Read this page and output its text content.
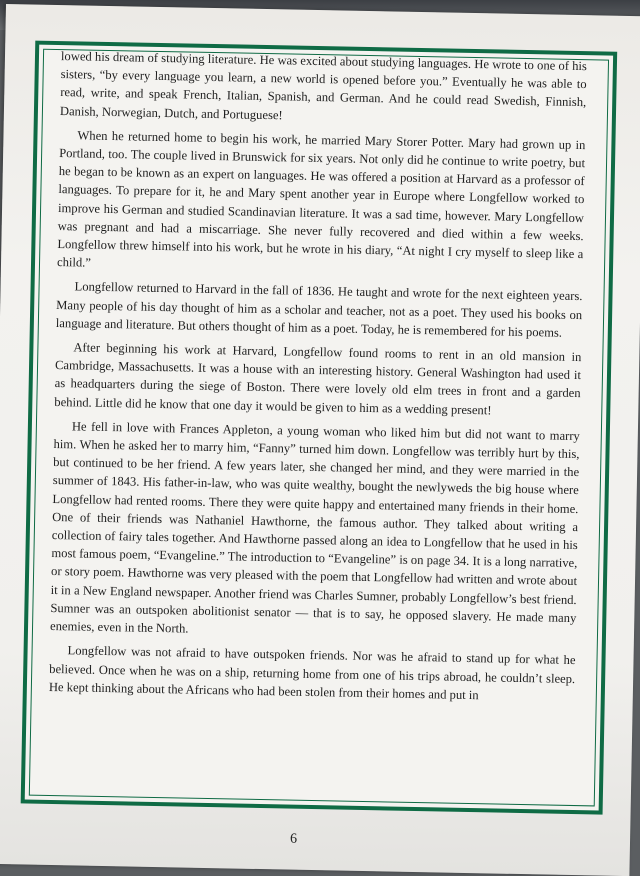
lowed his dream of studying literature. He was excited about studying languages. He wrote to one of his sisters, “by every language you learn, a new world is opened before you.” Eventually he was able to read, write, and speak French, Italian, Spanish, and German. And he could read Swedish, Finnish, Danish, Norwegian, Dutch, and Portuguese!

When he returned home to begin his work, he married Mary Storer Potter. Mary had grown up in Portland, too. The couple lived in Brunswick for six years. Not only did he continue to write poetry, but he began to be known as an expert on languages. He was offered a position at Harvard as a professor of languages. To prepare for it, he and Mary spent another year in Europe where Longfellow worked to improve his German and studied Scandinavian literature. It was a sad time, however. Mary Longfellow was pregnant and had a miscarriage. She never fully recovered and died within a few weeks. Longfellow threw himself into his work, but he wrote in his diary, “At night I cry myself to sleep like a child.”

Longfellow returned to Harvard in the fall of 1836. He taught and wrote for the next eighteen years. Many people of his day thought of him as a scholar and teacher, not as a poet. They used his books on language and literature. But others thought of him as a poet. Today, he is remembered for his poems.

After beginning his work at Harvard, Longfellow found rooms to rent in an old mansion in Cambridge, Massachusetts. It was a house with an interesting history. General Washington had used it as headquarters during the siege of Boston. There were lovely old elm trees in front and a garden behind. Little did he know that one day it would be given to him as a wedding present!

He fell in love with Frances Appleton, a young woman who liked him but did not want to marry him. When he asked her to marry him, “Fanny” turned him down. Longfellow was terribly hurt by this, but continued to be her friend. A few years later, she changed her mind, and they were married in the summer of 1843. His father-in-law, who was quite wealthy, bought the newlyweds the big house where Longfellow had rented rooms. There they were quite happy and entertained many friends in their home. One of their friends was Nathaniel Hawthorne, the famous author. They talked about writing a collection of fairy tales together. And Hawthorne passed along an idea to Longfellow that he used in his most famous poem, “Evangeline.” The introduction to “Evangeline” is on page 34. It is a long narrative, or story poem. Hawthorne was very pleased with the poem that Longfellow had written and wrote about it in a New England newspaper. Another friend was Charles Sumner, probably Longfellow’s best friend. Sumner was an outspoken abolitionist senator — that is to say, he opposed slavery. He made many enemies, even in the North.

Longfellow was not afraid to have outspoken friends. Nor was he afraid to stand up for what he believed. Once when he was on a ship, returning home from one of his trips abroad, he couldn’t sleep. He kept thinking about the Africans who had been stolen from their homes and put in

6
